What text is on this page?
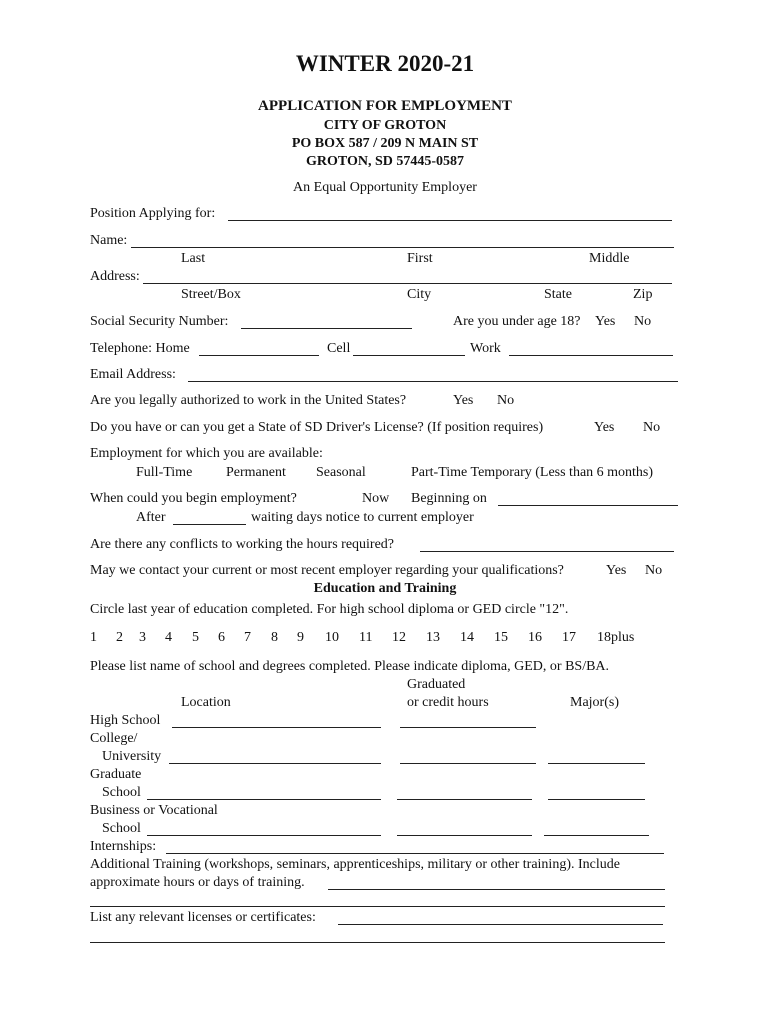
WINTER 2020-21
APPLICATION FOR EMPLOYMENT
CITY OF GROTON
PO BOX 587 / 209 N MAIN ST
GROTON, SD 57445-0587
An Equal Opportunity Employer
Position Applying for:
Name:
Last	First	Middle
Address:
Street/Box	City	State	Zip
Social Security Number:	Are you under age 18? Yes No
Telephone: Home	Cell	Work
Email Address:
Are you legally authorized to work in the United States?	Yes No
Do you have or can you get a State of SD Driver's License? (If position requires)	Yes No
Employment for which you are available:
Full-Time Permanent Seasonal	Part-Time Temporary (Less than 6 months)
When could you begin employment?	Now Beginning on
After	waiting days notice to current employer
Are there any conflicts to working the hours required?
May we contact your current or most recent employer regarding your qualifications?	Yes No
Education and Training
Circle last year of education completed. For high school diploma or GED circle "12".
1 2 3 4 5 6 7 8 9 10 11 12 13 14 15 16 17 18plus
Please list name of school and degrees completed. Please indicate diploma, GED, or BS/BA.
Graduated
Location	or credit hours	Major(s)
High School
College/
University
Graduate
School
Business or Vocational
School
Internships:
Additional Training (workshops, seminars, apprenticeships, military or other training). Include
approximate hours or days of training.
List any relevant licenses or certificates:
